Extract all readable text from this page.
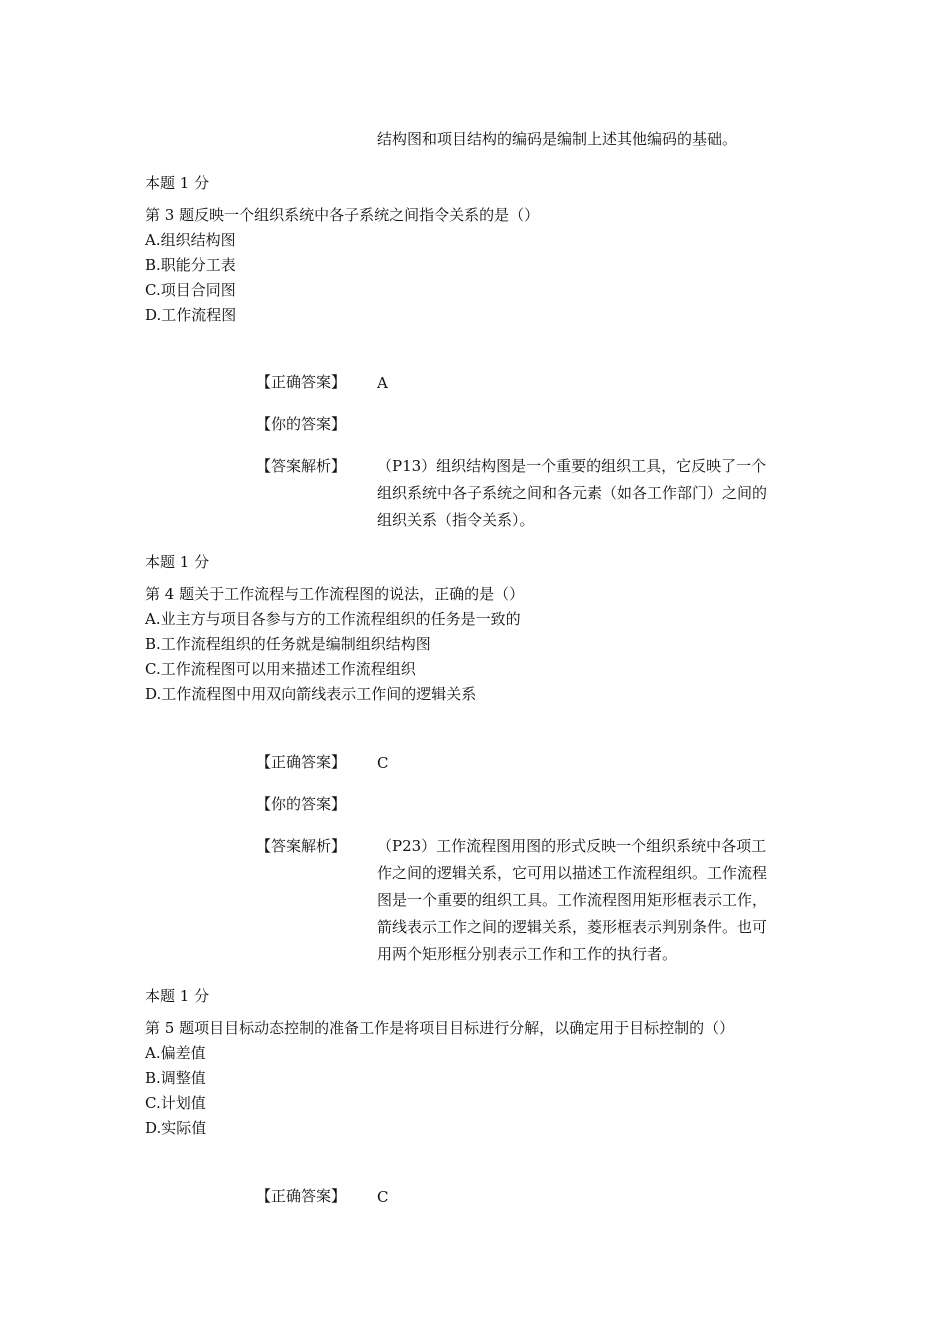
结构图和项目结构的编码是编制上述其他编码的基础。
本题 1 分
第 3 题反映一个组织系统中各子系统之间指令关系的是（）
A.组织结构图
B.职能分工表
C.项目合同图
D.工作流程图
【正确答案】 A
【你的答案】
【答案解析】 （P13）组织结构图是一个重要的组织工具，它反映了一个
组织系统中各子系统之间和各元素（如各工作部门）之间的
组织关系（指令关系）。
本题 1 分
第 4 题关于工作流程与工作流程图的说法，正确的是（）
A.业主方与项目各参与方的工作流程组织的任务是一致的
B.工作流程组织的任务就是编制组织结构图
C.工作流程图可以用来描述工作流程组织
D.工作流程图中用双向箭线表示工作间的逻辑关系
【正确答案】 C
【你的答案】
【答案解析】 （P23）工作流程图用图的形式反映一个组织系统中各项工
作之间的逻辑关系，它可用以描述工作流程组织。工作流程
图是一个重要的组织工具。工作流程图用矩形框表示工作，
箭线表示工作之间的逻辑关系，菱形框表示判别条件。也可
用两个矩形框分别表示工作和工作的执行者。
本题 1 分
第 5 题项目目标动态控制的准备工作是将项目目标进行分解，以确定用于目标控制的（）
A.偏差值
B.调整值
C.计划值
D.实际值
【正确答案】 C
